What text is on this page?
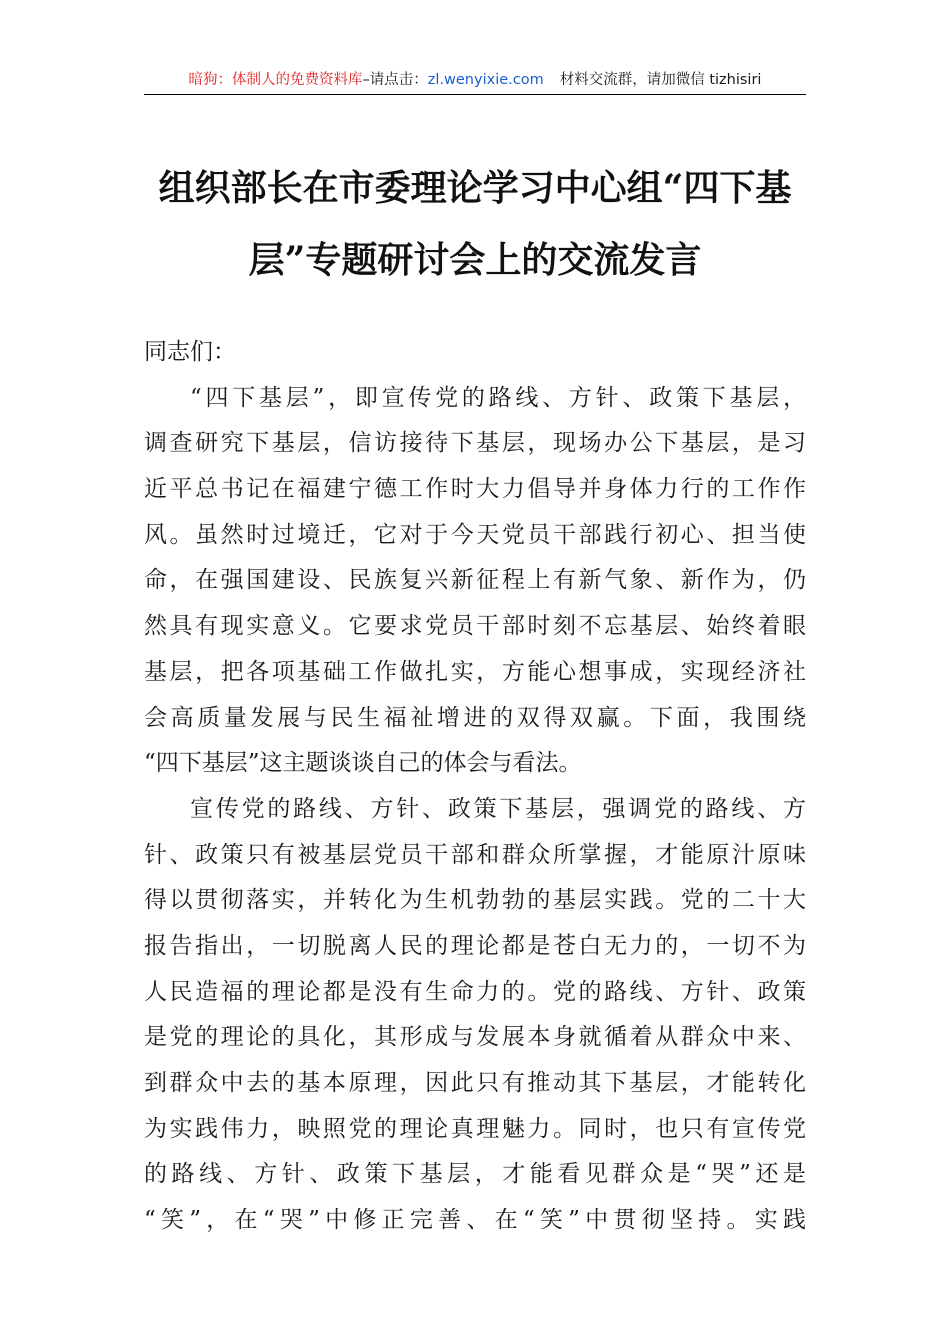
暗狗：体制人的免费资料库–请点击：zl.wenyixie.com 材料交流群，请加微信 tizhisiri
组织部长在市委理论学习中心组“四下基
层”专题研讨会上的交流发言
同志们：
“四下基层”，即宣传党的路线、方针、政策下基层，
调查研究下基层，信访接待下基层，现场办公下基层，是习
近平总书记在福建宁德工作时大力倡导并身体力行的工作作
风。虽然时过境迁，它对于今天党员干部践行初心、担当使
命，在强国建设、民族复兴新征程上有新气象、新作为，仍
然具有现实意义。它要求党员干部时刻不忘基层、始终着眼
基层，把各项基础工作做扎实，方能心想事成，实现经济社
会高质量发展与民生福祉增进的双得双赢。下面，我围绕
“四下基层”这主题谈谈自己的体会与看法。
宣传党的路线、方针、政策下基层，强调党的路线、方
针、政策只有被基层党员干部和群众所掌握，才能原汁原味
得以贯彻落实，并转化为生机勃勃的基层实践。党的二十大
报告指出，一切脱离人民的理论都是苍白无力的，一切不为
人民造福的理论都是没有生命力的。党的路线、方针、政策
是党的理论的具化，其形成与发展本身就循着从群众中来、
到群众中去的基本原理，因此只有推动其下基层，才能转化
为实践伟力，映照党的理论真理魅力。同时，也只有宣传党
的路线、方针、政策下基层，才能看见群众是“哭”还是
“笑”，在“哭”中修正完善、在“笑”中贯彻坚持。实践
